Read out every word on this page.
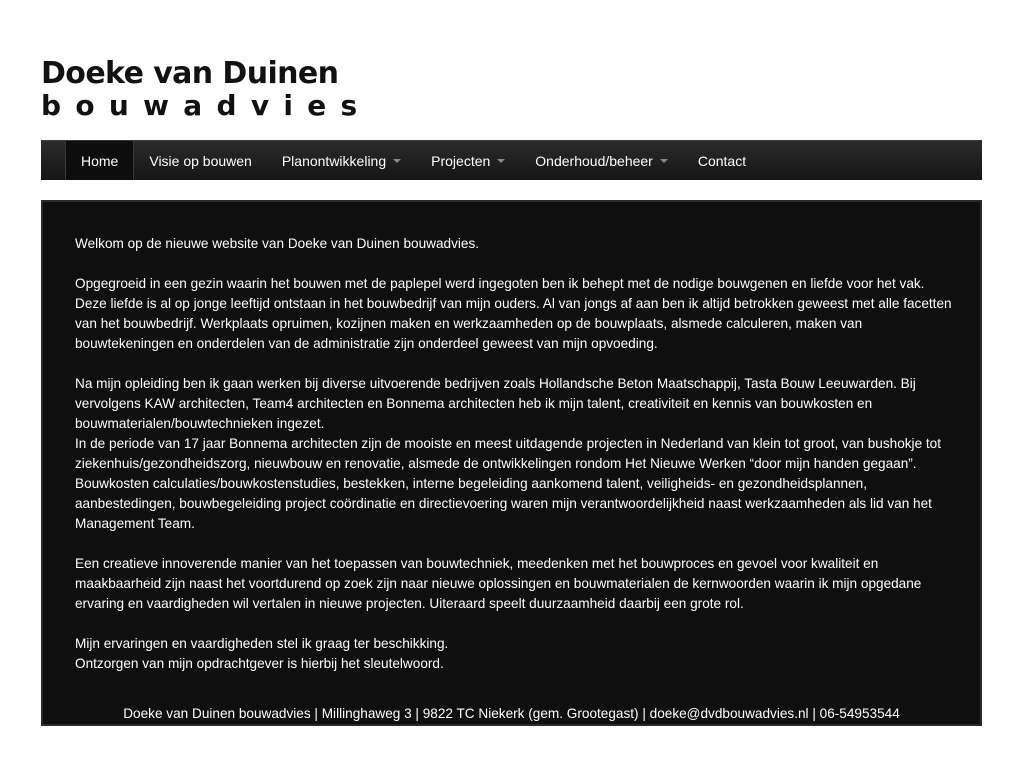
Doeke van Duinen
bouwadvies
Home Visie op bouwen Planontwikkeling	Projecten	Onderhoud/beheer	Contact

Welkom op de nieuwe website van Doeke van Duinen bouwadvies.

Opgegroeid in een gezin waarin het bouwen met de paplepel werd ingegoten ben ik behept met de nodige bouwgenen en liefde voor het vak. Deze liefde is al op jonge leeftijd ontstaan in het bouwbedrijf van mijn ouders. Al van jongs af aan ben ik altijd betrokken geweest met alle facetten van het bouwbedrijf. Werkplaats opruimen, kozijnen maken en werkzaamheden op de bouwplaats, alsmede calculeren, maken van bouwtekeningen en onderdelen van de administratie zijn onderdeel geweest van mijn opvoeding.

Na mijn opleiding ben ik gaan werken bij diverse uitvoerende bedrijven zoals Hollandsche Beton Maatschappij, Tasta Bouw Leeuwarden. Bij vervolgens KAW architecten, Team4 architecten en Bonnema architecten heb ik mijn talent, creativiteit en kennis van bouwkosten en bouwmaterialen/bouwtechnieken ingezet.
In de periode van 17 jaar Bonnema architecten zijn de mooiste en meest uitdagende projecten in Nederland van klein tot groot, van bushokje tot ziekenhuis/gezondheidszorg, nieuwbouw en renovatie, alsmede de ontwikkelingen rondom Het Nieuwe Werken “door mijn handen gegaan”. Bouwkosten calculaties/bouwkostenstudies, bestekken, interne begeleiding aankomend talent, veiligheids- en gezondheidsplannen, aanbestedingen, bouwbegeleiding project coördinatie en directievoering waren mijn verantwoordelijkheid naast werkzaamheden als lid van het Management Team.

Een creatieve innoverende manier van het toepassen van bouwtechniek, meedenken met het bouwproces en gevoel voor kwaliteit en maakbaarheid zijn naast het voortdurend op zoek zijn naar nieuwe oplossingen en bouwmaterialen de kernwoorden waarin ik mijn opgedane ervaring en vaardigheden wil vertalen in nieuwe projecten. Uiteraard speelt duurzaamheid daarbij een grote rol.

Mijn ervaringen en vaardigheden stel ik graag ter beschikking.
Ontzorgen van mijn opdrachtgever is hierbij het sleutelwoord.

Doeke van Duinen bouwadvies | Millinghaweg 3 | 9822 TC Niekerk (gem. Grootegast) | doeke@dvdbouwadvies.nl | 06-54953544
